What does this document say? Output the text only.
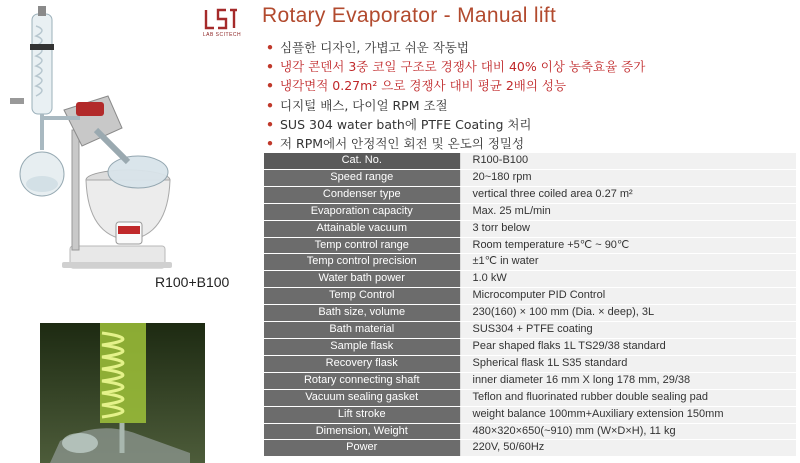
R100+B100
LAB SCITECH
Rotary Evaporator - Manual lift
• 심플한 디자인, 가볍고 쉬운 작동법
• 냉각 콘덴서 3중 코일 구조로 경쟁사 대비 40% 이상 농축효율 증가
• 냉각면적 0.27m² 으로 경쟁사 대비 평균 2배의 성능
• 디지털 배스, 다이얼 RPM 조절
• SUS 304 water bath에 PTFE Coating 처리
• 저 RPM에서 안정적인 회전 및 온도의 정밀성
Cat. No.	R100-B100
Speed range	20~180 rpm
Condenser type	vertical three coiled area 0.27 m²
Evaporation capacity	Max. 25 mL/min
Attainable vacuum	3 torr below
Temp control range	Room temperature +5℃ ~ 90℃
Temp control precision	±1℃ in water
Water bath power	1.0 kW
Temp Control	Microcomputer PID Control
Bath size, volume	230(160) × 100 mm (Dia. × deep), 3L
Bath material	SUS304 + PTFE coating
Sample flask	Pear shaped flaks 1L TS29/38 standard
Recovery flask	Spherical flask 1L S35 standard
Rotary connecting shaft	inner diameter 16 mm X long 178 mm, 29/38
Vacuum sealing gasket	Teflon and fluorinated rubber double sealing pad
Lift stroke	weight balance 100mm+Auxiliary extension 150mm
Dimension, Weight	480×320×650(~910) mm (W×D×H), 11 kg
Power	220V, 50/60Hz
